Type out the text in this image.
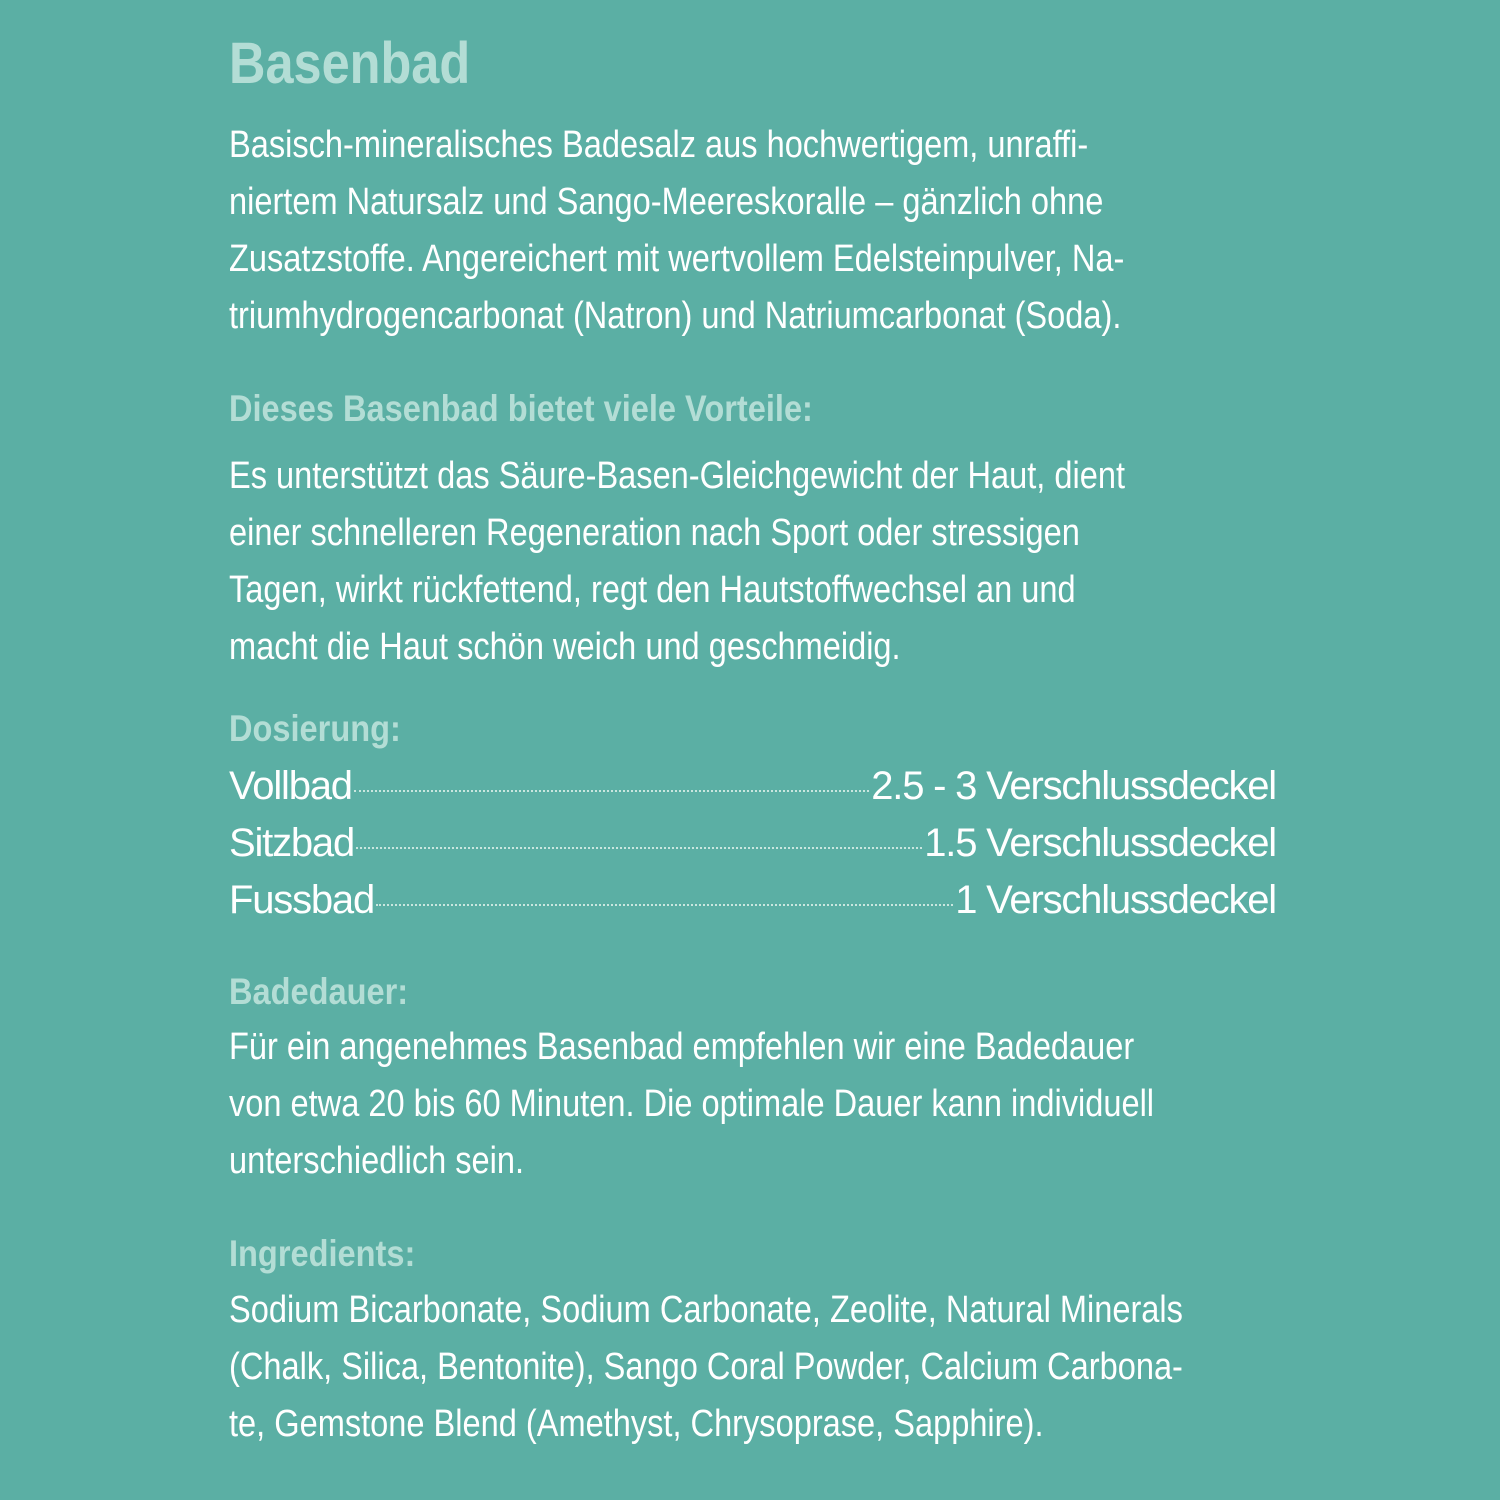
Basenbad
Basisch-mineralisches Badesalz aus hochwertigem, unraffi-
niertem Natursalz und Sango-Meereskoralle – gänzlich ohne
Zusatzstoffe. Angereichert mit wertvollem Edelsteinpulver, Na-
triumhydrogencarbonat (Natron) und Natriumcarbonat (Soda).
Dieses Basenbad bietet viele Vorteile:
Es unterstützt das Säure-Basen-Gleichgewicht der Haut, dient
einer schnelleren Regeneration nach Sport oder stressigen
Tagen, wirkt rückfettend, regt den Hautstoffwechsel an und
macht die Haut schön weich und geschmeidig.
Dosierung:
Vollbad	2.5 - 3 Verschlussdeckel
Sitzbad	1.5 Verschlussdeckel
Fussbad	1 Verschlussdeckel
Badedauer:
Für ein angenehmes Basenbad empfehlen wir eine Badedauer
von etwa 20 bis 60 Minuten. Die optimale Dauer kann individuell
unterschiedlich sein.
Ingredients:
Sodium Bicarbonate, Sodium Carbonate, Zeolite, Natural Minerals
(Chalk, Silica, Bentonite), Sango Coral Powder, Calcium Carbona-
te, Gemstone Blend (Amethyst, Chrysoprase, Sapphire).
